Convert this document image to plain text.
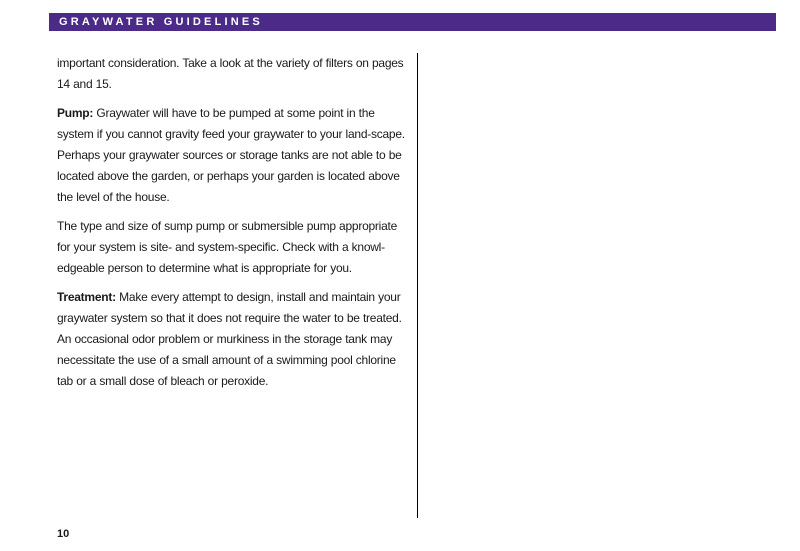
GRAYWATER GUIDELINES

important consideration. Take a look at the variety of filters on pages 14 and 15.

Pump: Graywater will have to be pumped at some point in the system if you cannot gravity feed your graywater to your land-scape. Perhaps your graywater sources or storage tanks are not able to be located above the garden, or perhaps your garden is located above the level of the house.

The type and size of sump pump or submersible pump appropriate for your system is site- and system-specific. Check with a knowl-edgeable person to determine what is appropriate for you.

Treatment: Make every attempt to design, install and maintain your graywater system so that it does not require the water to be treated. An occasional odor problem or murkiness in the storage tank may necessitate the use of a small amount of a swimming pool chlorine tab or a small dose of bleach or peroxide.

10
